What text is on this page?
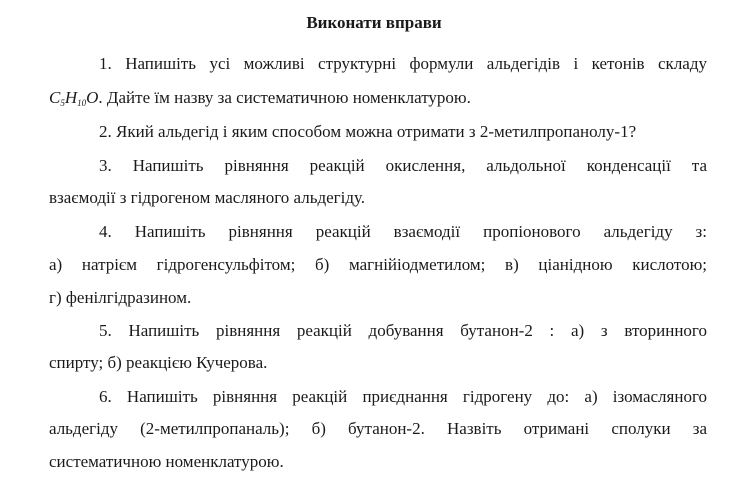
Виконати вправи
1. Напишіть усі можливі структурні формули альдегідів і кетонів складу
$C_5H_{10}O$. Дайте їм назву за систематичною номенклатурою.
2. Який альдегід і яким способом можна отримати з 2-метилпропанолу-1?
3. Напишіть рівняння реакцій окислення, альдольної конденсації та
взаємодії з гідрогеном масляного альдегіду.
4. Напишіть рівняння реакцій взаємодії пропіонового альдегіду з:
а) натрієм гідрогенсульфітом; б) магнійіодметилом; в) ціанідною кислотою;
г) фенілгідразином.
5. Напишіть рівняння реакцій добування бутанон-2 : а) з вторинного
спирту; б) реакцією Кучерова.
6. Напишіть рівняння реакцій приєднання гідрогену до: а) ізомасляного
альдегіду (2-метилпропаналь); б) бутанон-2. Назвіть отримані сполуки за
систематичною номенклатурою.
